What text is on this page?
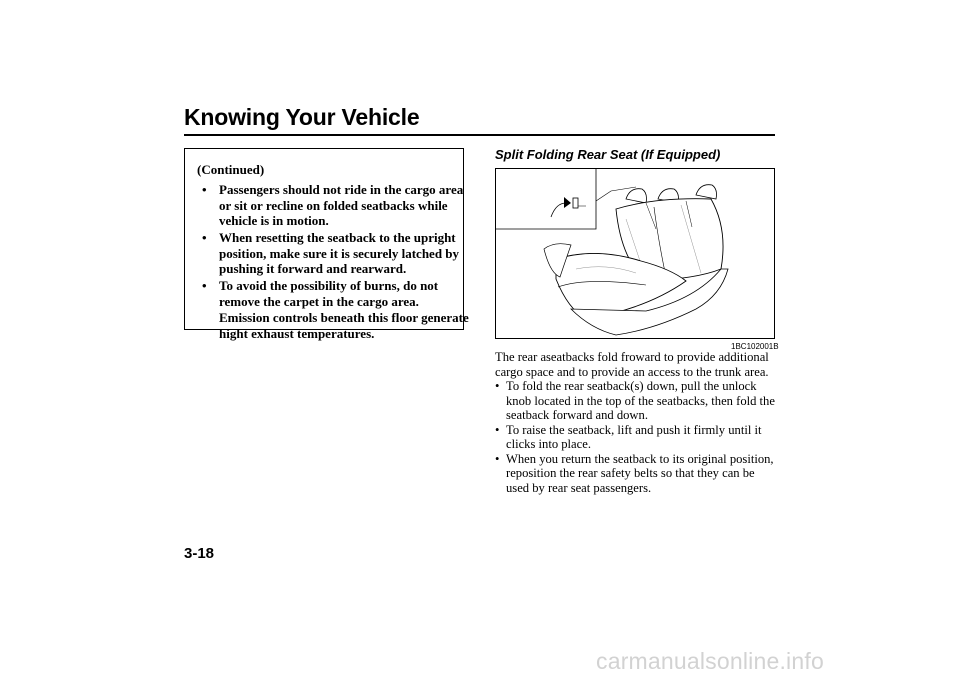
Knowing Your Vehicle
(Continued)
• Passengers should not ride in the cargo area or sit or recline on folded seatbacks while vehicle is in motion.
• When resetting the seatback to the upright position, make sure it is securely latched by pushing it forward and rearward.
• To avoid the possibility of burns, do not remove the carpet in the cargo area.
Emission controls beneath this floor generate hight exhaust temperatures.
Split Folding Rear Seat (If Equipped)
1BC102001B

The rear aseatbacks fold froward to provide additional cargo space and to provide an access to the trunk area.

• To fold the rear seatback(s) down, pull the unlock knob located in the top of the seatbacks, then fold the seatback forward and down.

• To raise the seatback, lift and push it firmly until it clicks into place.

• When you return the seatback to its original position, reposition the rear safety belts so that they can be used by rear seat passengers.

3-18
carmanualsonline.info
